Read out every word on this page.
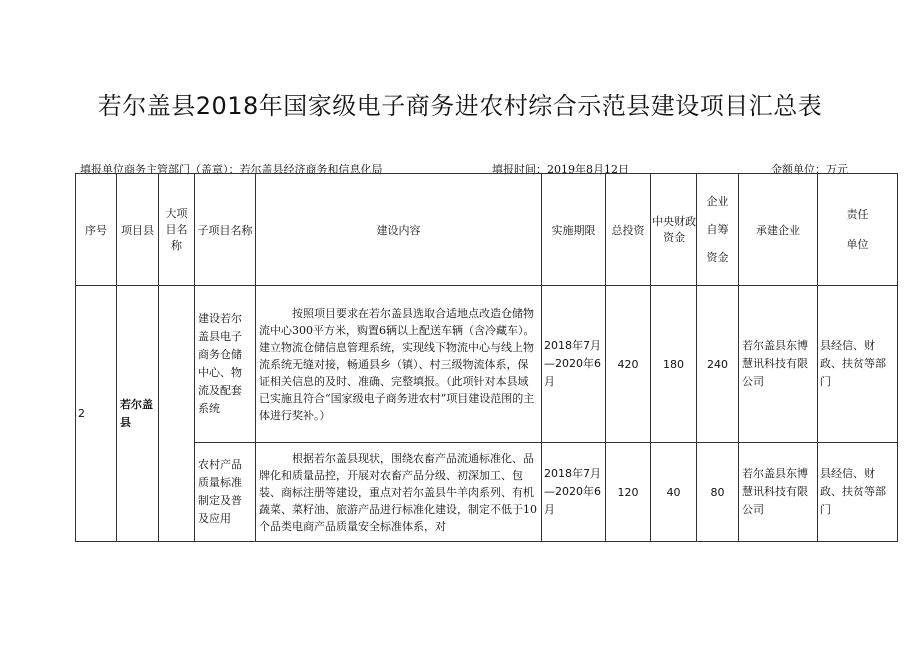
若尔盖县2018年国家级电子商务进农村综合示范县建设项目汇总表
填报单位商务主管部门（盖章）：若尔盖县经济商务和信息化局	填报时间：2019年8月12日	金额单位：万元
序号	项目县	大项目名称	子项目名称	建设内容	实施期限	总投资	中央财政资金	企业自筹资金	承建企业	责任单位

2	若尔盖县		建设若尔盖县电子商务仓储中心、物流及配套系统	按照项目要求在若尔盖县选取合适地点改造仓储物流中心300平方米，购置6辆以上配送车辆（含冷藏车）。建立物流仓储信息管理系统，实现线下物流中心与线上物流系统无缝对接，畅通县乡（镇）、村三级物流体系，保证相关信息的及时、准确、完整填报。（此项针对本县域已实施且符合“国家级电子商务进农村”项目建设范围的主体进行奖补。）	2018年7月—2020年6月	420	180	240	若尔盖县东博慧讯科技有限公司	县经信、财政、扶贫等部门
			农村产品质量标准制定及普及应用	根据若尔盖县现状，围绕农畜产品流通标准化、品牌化和质量品控，开展对农畜产品分级、初深加工、包装、商标注册等建设，重点对若尔盖县牛羊肉系列、有机蔬菜、菜籽油、旅游产品进行标准化建设，制定不低于10个品类电商产品质量安全标准体系，对	2018年7月—2020年6月	120	40	80	若尔盖县东博慧讯科技有限公司	县经信、财政、扶贫等部门
